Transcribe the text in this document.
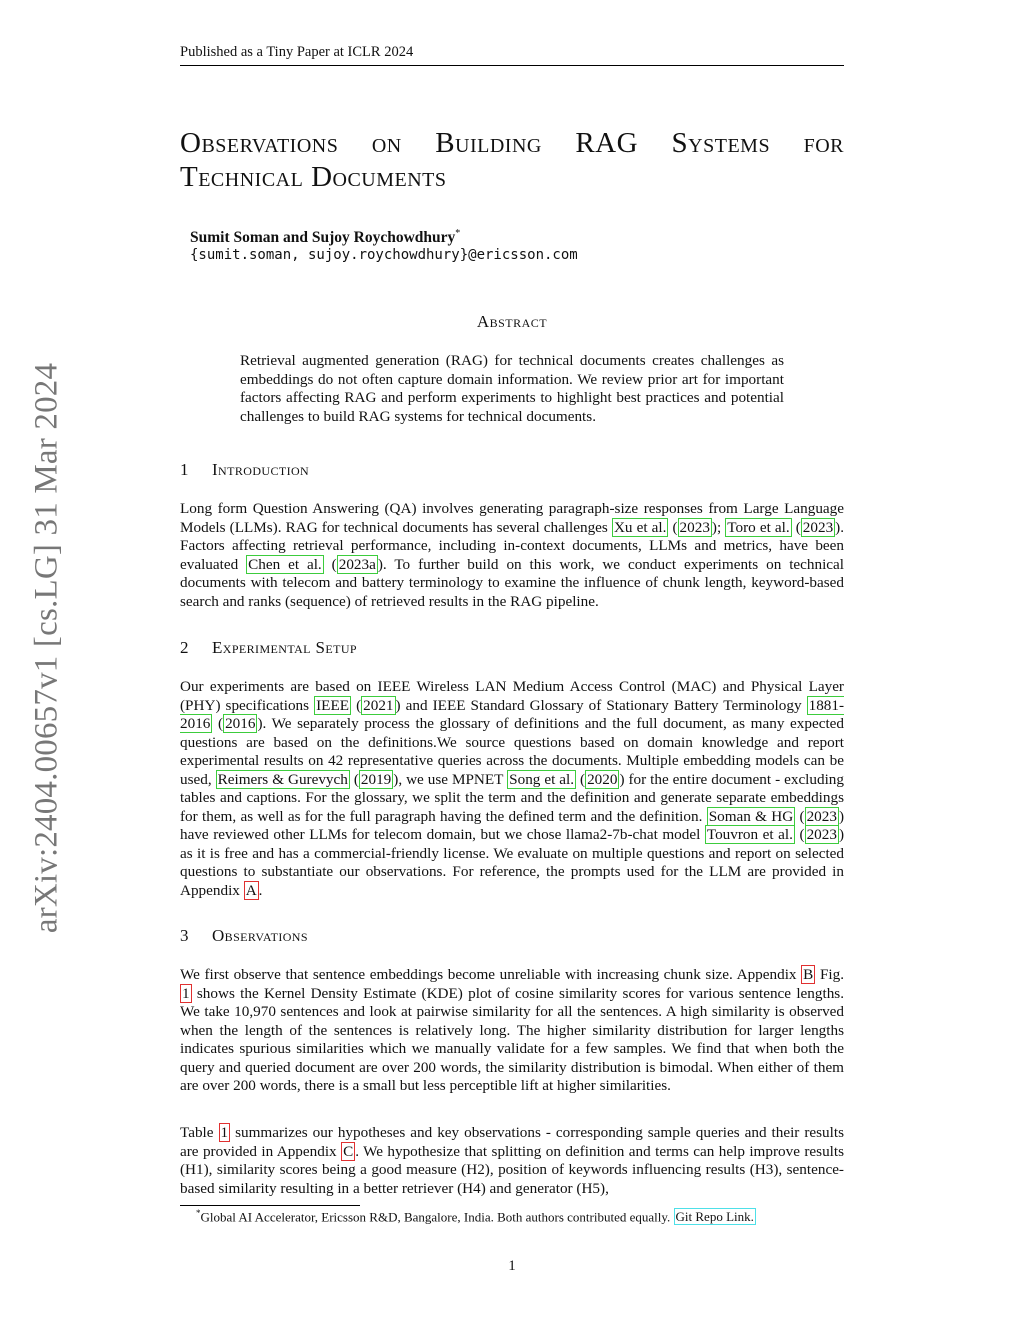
Published as a Tiny Paper at ICLR 2024
arXiv:2404.00657v1 [cs.LG] 31 Mar 2024
Observations on Building RAG Systems for
Technical Documents
Sumit Soman and Sujoy Roychowdhury*
{sumit.soman, sujoy.roychowdhury}@ericsson.com
Abstract
Retrieval augmented generation (RAG) for technical documents creates challenges as embeddings do not often capture domain information. We review prior art for important factors affecting RAG and perform experiments to highlight best practices and potential challenges to build RAG systems for technical documents.
1 Introduction
Long form Question Answering (QA) involves generating paragraph-size responses from Large Language Models (LLMs). RAG for technical documents has several challenges Xu et al. ( 2023 ); Toro et al. ( 2023 ). Factors affecting retrieval performance, including in-context documents, LLMs and metrics, have been evaluated Chen et al. ( 2023a ). To further build on this work, we conduct experiments on technical documents with telecom and battery terminology to examine the influence of chunk length, keyword-based search and ranks (sequence) of retrieved results in the RAG pipeline.
2 Experimental Setup
Our experiments are based on IEEE Wireless LAN Medium Access Control (MAC) and Physical Layer (PHY) specifications IEEE ( 2021 ) and IEEE Standard Glossary of Stationary Battery Terminology 1881-2016 ( 2016 ). We separately process the glossary of definitions and the full document, as many expected questions are based on the definitions.We source questions based on domain knowledge and report experimental results on 42 representative queries across the documents. Multiple embedding models can be used, Reimers & Gurevych ( 2019 ), we use MPNET Song et al. ( 2020 ) for the entire document - excluding tables and captions. For the glossary, we split the term and the definition and generate separate embeddings for them, as well as for the full paragraph having the defined term and the definition. Soman & HG ( 2023 ) have reviewed other LLMs for telecom domain, but we chose llama2-7b-chat model Touvron et al. ( 2023 ) as it is free and has a commercial-friendly license. We evaluate on multiple questions and report on selected questions to substantiate our observations. For reference, the prompts used for the LLM are provided in Appendix A .
3 Observations
We first observe that sentence embeddings become unreliable with increasing chunk size. Appendix B Fig. 1 shows the Kernel Density Estimate (KDE) plot of cosine similarity scores for various sentence lengths. We take 10,970 sentences and look at pairwise similarity for all the sentences. A high similarity is observed when the length of the sentences is relatively long. The higher similarity distribution for larger lengths indicates spurious similarities which we manually validate for a few samples. We find that when both the query and queried document are over 200 words, the similarity distribution is bimodal. When either of them are over 200 words, there is a small but less perceptible lift at higher similarities.
Table 1 summarizes our hypotheses and key observations - corresponding sample queries and their results are provided in Appendix C . We hypothesize that splitting on definition and terms can help improve results (H1), similarity scores being a good measure (H2), position of keywords influencing results (H3), sentence-based similarity resulting in a better retriever (H4) and generator (H5),
*Global AI Accelerator, Ericsson R&D, Bangalore, India. Both authors contributed equally. Git Repo Link.
1
